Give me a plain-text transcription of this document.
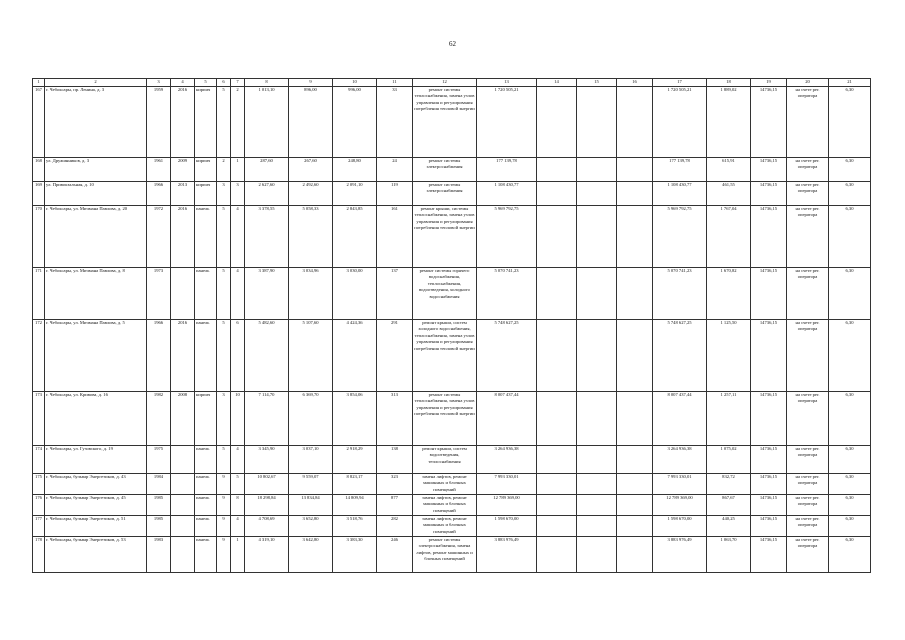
62
1	2	3	4	5	6	7	8	9	10	11	12	13	14	15	16	17	18	19	20	21
167	г. Чебоксары, пр. Ленина, д. 3	1959	2016	кирпич	5	2	1 013,10	896,00	996,00	33	ремонт системы теплоснабжения, замена узлов управления и регулирования потребления тепловой энергии	1 720 505,21				1 720 505,21	1 889,02	14736,15	на счете рег. оператора	6,30
168	ул. Дружинников, д. 3	1961	2009	кирпич	2	1	287,60	267,60	248,80	24	ремонт системы электроснабжения	177 139,78				177 139,78	615,91	14736,15	на счете рег. оператора	6,30
169	ул. Привокзальная, д. 10	1966	2013	кирпич	3	3	2 627,60	2 492,60	2 091,10	119	ремонт системы электроснабжения	1 108 430,77				1 108 430,77	461,55	14736,15	на счете рег. оператора	6,30
170	г. Чебоксары, ул. Мичмана Павлова, д. 20	1972	2016	панель	5	4	3 378,55	5 058,33	2 843,85	161	ремонт крыши, системы теплоснабжения, замена узлов управления и регулирования потребления тепловой энергии	5 969 792,75				5 969 792,75	1 767,04	14736,15	на счете рег. оператора	6,30
171	г. Чебоксары, ул. Мичмана Павлова, д. 8	1973		панель	5	4	3 387,90	3 034,96	3 030,00	137	ремонт системы горячего водоснабжения, теплоснабжения, водоотведения, холодного водоснабжения	5 070 741,23				5 070 741,23	1 670,82	14736,15	на счете рег. оператора	6,30
172	г. Чебоксары, ул. Мичмана Павлова, д. 5	1966	2016	панель	5	6	5 482,60	5 107,60	4 424,36	291	ремонт крыши, систем холодного водоснабжения, теплоснабжения, замена узлов управления и регулирования потребления тепловой энергии	5 748 627,25				5 748 627,25	1 125,50	14736,15	на счете рег. оператора	6,30
173	г. Чебоксары, ул. Кривова, д. 16	1982	2008	кирпич	3	10	7 114,70	6 369,70	3 854,06	313	ремонт системы теплоснабжения, замена узлов управления и регулирования потребления тепловой энергии	8 007 437,44				8 007 437,44	1 257,11	14736,15	на счете рег. оператора	6,30
174	г. Чебоксары, ул. Гузовского, д. 19	1975		панель	5	4	3 345,90	3 037,10	2 918,29	138	ремонт крыши, систем водоотведения, теплоснабжения	3 264 936,38				3 264 936,38	1 075,02	14736,15	на счете рег. оператора	6,30
175	г. Чебоксары, бульвар Энергетиков, д. 43	1984		панель	9	5	10 802,67	9 559,07	8 823,17	323	замена лифтов, ремонт машинных и блочных помещений	7 993 330,01				7 993 330,01	832,72	14736,15	на счете рег. оператора	6,30
176	г. Чебоксары, бульвар Энергетиков, д. 45	1985		панель	9	8	18 298,84	13 834,84	14 809,94	877	замена лифтов, ремонт машинных и блочных помещений	12 789 369,00				12 789 369,00	867,67	14736,15	на счете рег. оператора	6,30
177	г. Чебоксары, бульвар Энергетиков, д. 51	1985		панель	9	4	4 708,69	3 652,80	3 518,76	282	замена лифтов, ремонт машинных и блочных помещений	1 598 670,00				1 598 670,00	440,25	14736,15	на счете рег. оператора	6,30
178	г. Чебоксары, бульвар Энергетиков, д. 53	1983		панель	9	1	4 319,10	3 642,80	3 383,30	246	ремонт системы электроснабжения, замена лифтов, ремонт машинных и блочных помещений	3 883 976,49				3 883 976,49	1 063,70	14736,15	на счете рег. оператора	6,30
